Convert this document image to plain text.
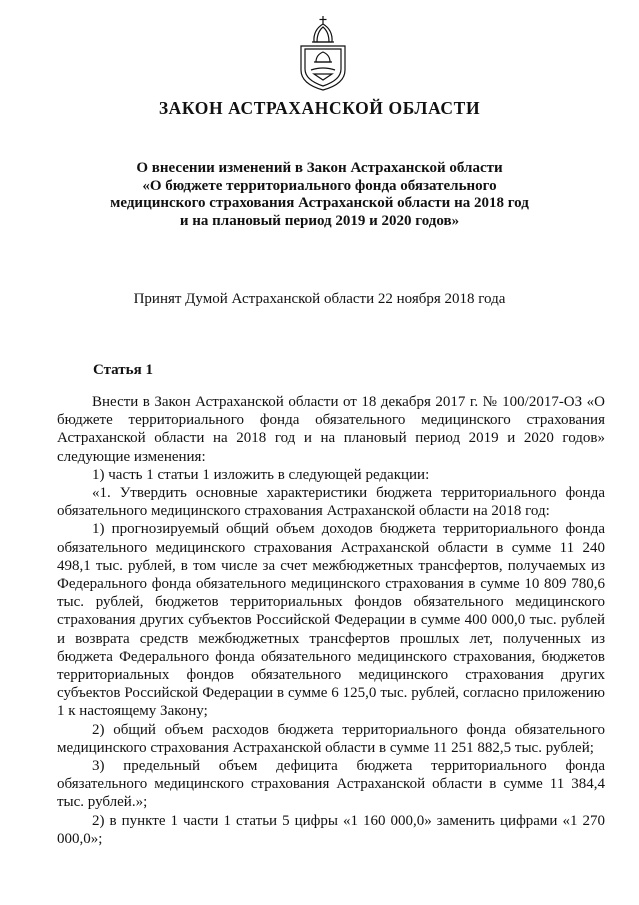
ЗАКОН АСТРАХАНСКОЙ ОБЛАСТИ
О внесении изменений в Закон Астраханской области
«О бюджете территориального фонда обязательного
медицинского страхования Астраханской области на 2018 год
и на плановый период 2019 и 2020 годов»
Принят Думой Астраханской области 22 ноября 2018 года
Статья 1

Внести в Закон Астраханской области от 18 декабря 2017 г. № 100/2017-ОЗ «О бюджете территориального фонда обязательного медицинского страхования Астраханской области на 2018 год и на плановый период 2019 и 2020 годов» следующие изменения:

1) часть 1 статьи 1 изложить в следующей редакции:

«1. Утвердить основные характеристики бюджета территориального фонда обязательного медицинского страхования Астраханской области на 2018 год:

1) прогнозируемый общий объем доходов бюджета территориального фонда обязательного медицинского страхования Астраханской области в сумме 11 240 498,1 тыс. рублей, в том числе за счет межбюджетных трансфертов, получаемых из Федерального фонда обязательного медицинского страхования в сумме 10 809 780,6 тыс. рублей, бюджетов территориальных фондов обязательного медицинского страхования других субъектов Российской Федерации в сумме 400 000,0 тыс. рублей и возврата средств межбюджетных трансфертов прошлых лет, полученных из бюджета Федерального фонда обязательного медицинского страхования, бюджетов территориальных фондов обязательного медицинского страхования других субъектов Российской Федерации в сумме 6 125,0 тыс. рублей, согласно приложению 1 к настоящему Закону;

2) общий объем расходов бюджета территориального фонда обязательного медицинского страхования Астраханской области в сумме 11 251 882,5 тыс. рублей;

3) предельный объем дефицита бюджета территориального фонда обязательного медицинского страхования Астраханской области в сумме 11 384,4 тыс. рублей.»;

2) в пункте 1 части 1 статьи 5 цифры «1 160 000,0» заменить цифрами «1 270 000,0»;
